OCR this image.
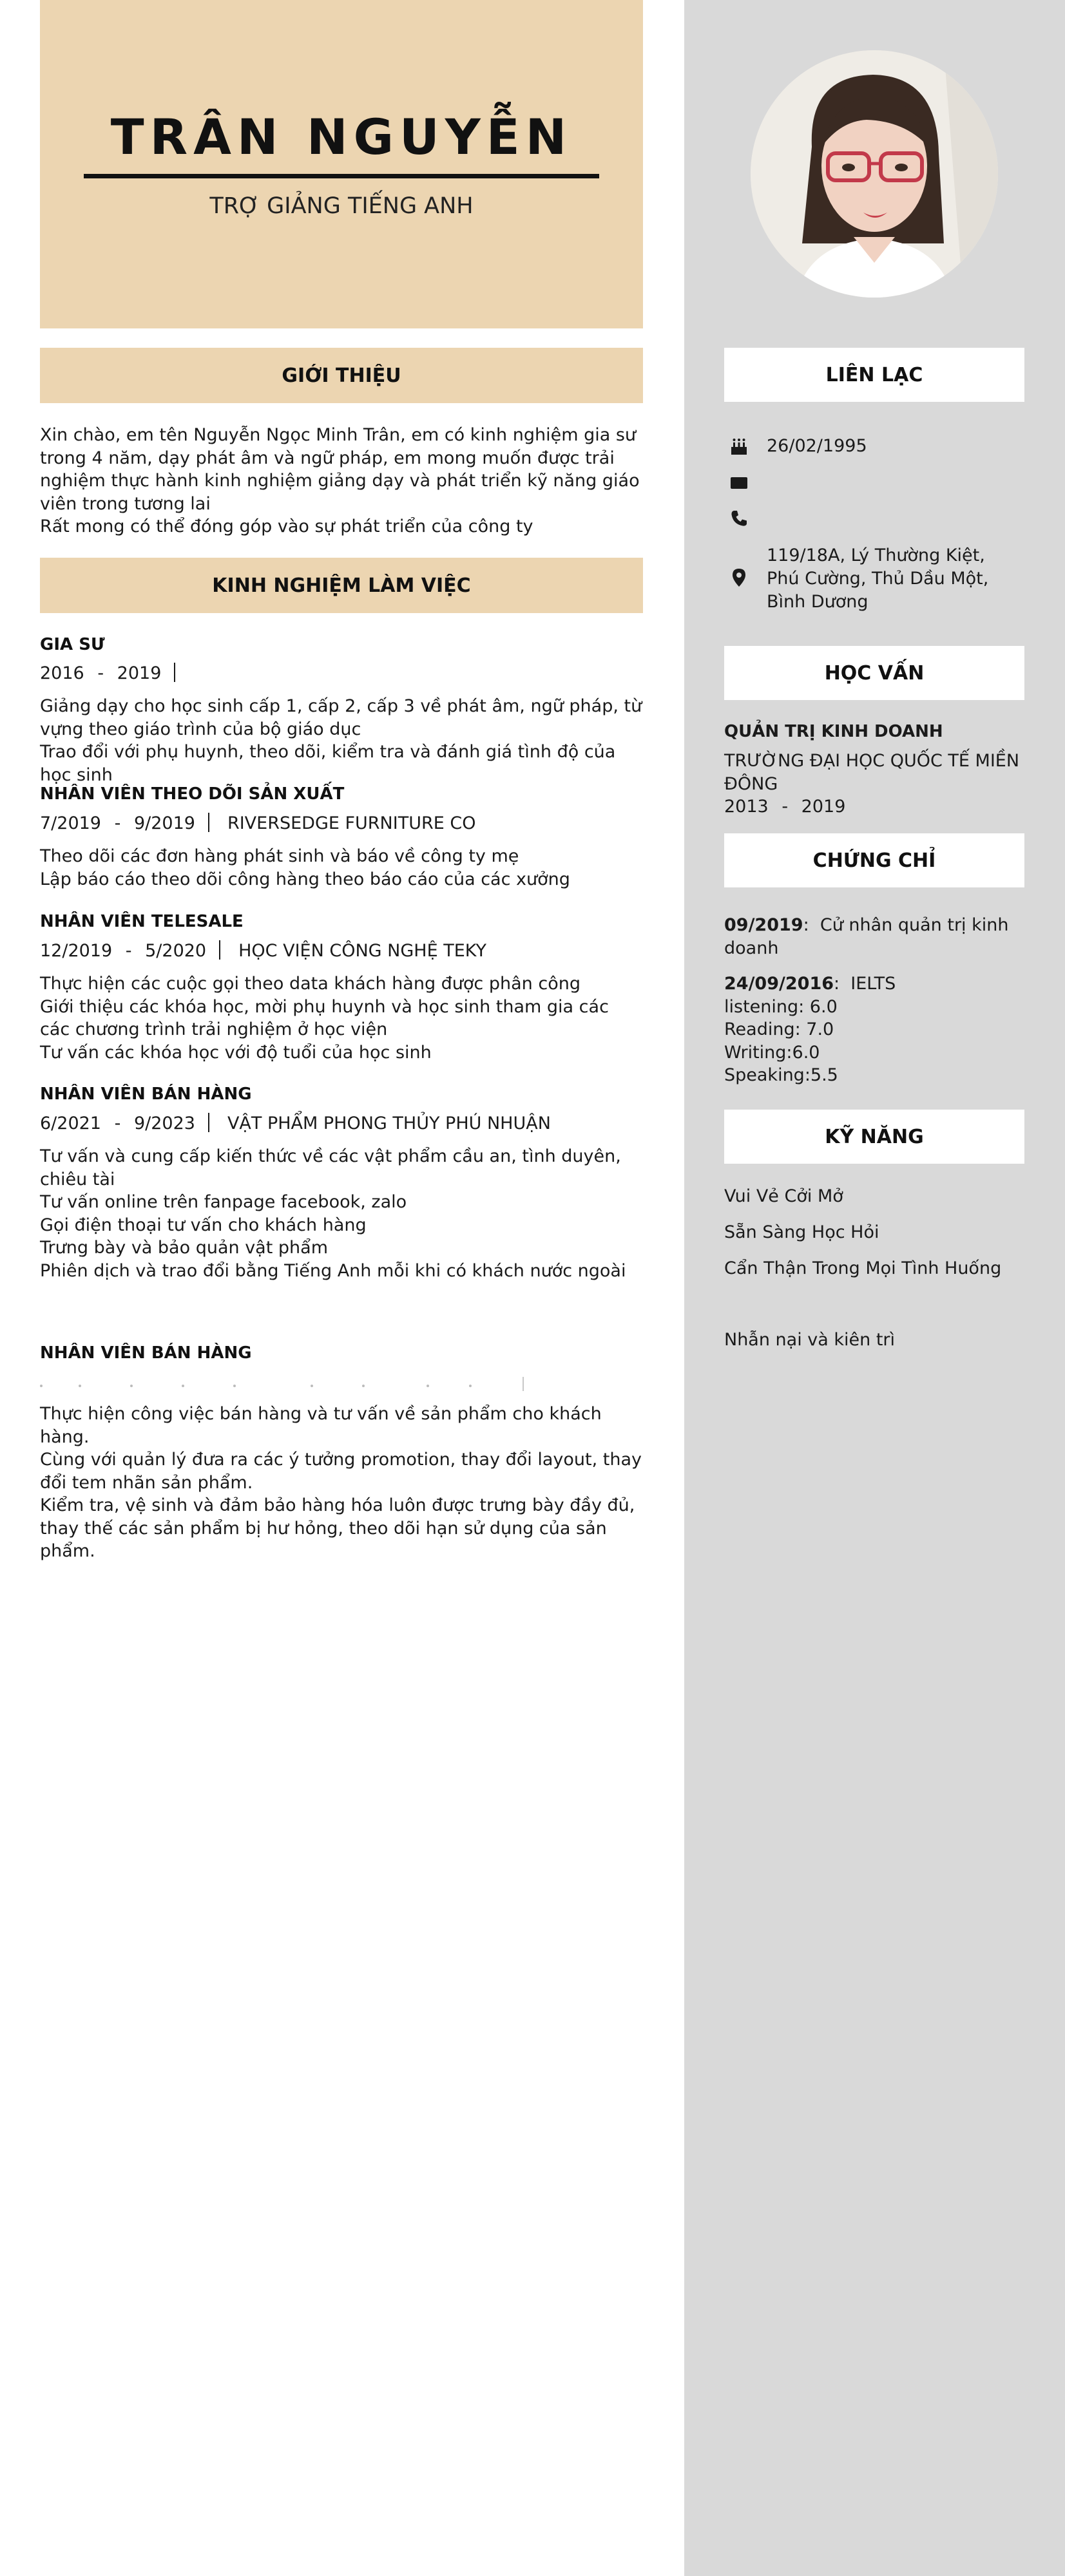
TRÂN NGUYỄN
TRỢ GIẢNG TIẾNG ANH
GIỚI THIỆU
Xin chào, em tên Nguyễn Ngọc Minh Trân, em có kinh nghiệm gia sư trong 4 năm, dạy phát âm và ngữ pháp, em mong muốn được trải nghiệm thực hành kinh nghiệm giảng dạy và phát triển kỹ năng giáo viên trong tương lai
Rất mong có thể đóng góp vào sự phát triển của công ty
KINH NGHIỆM LÀM VIỆC
GIA SƯ
2016 - 2019
Giảng dạy cho học sinh cấp 1, cấp 2, cấp 3 về phát âm, ngữ pháp, từ vựng theo giáo trình của bộ giáo dục
Trao đổi với phụ huynh, theo dõi, kiểm tra và đánh giá tình độ của học sinh
NHÂN VIÊN THEO DÕI SẢN XUẤT
7/2019 - 9/2019 RIVERSEDGE FURNITURE CO
Theo dõi các đơn hàng phát sinh và báo về công ty mẹ
Lập báo cáo theo dõi công hàng theo báo cáo của các xưởng
NHÂN VIÊN TELESALE
12/2019 - 5/2020 HỌC VIỆN CÔNG NGHỆ TEKY
Thực hiện các cuộc gọi theo data khách hàng được phân công
Giới thiệu các khóa học, mời phụ huynh và học sinh tham gia các các chương trình trải nghiệm ở học viện
Tư vấn các khóa học với độ tuổi của học sinh
NHÂN VIÊN BÁN HÀNG
6/2021 - 9/2023 VẬT PHẨM PHONG THỦY PHÚ NHUẬN
Tư vấn và cung cấp kiến thức về các vật phẩm cầu an, tình duyên, chiêu tài
Tư vấn online trên fanpage facebook, zalo
Gọi điện thoại tư vấn cho khách hàng
Trưng bày và bảo quản vật phẩm
Phiên dịch và trao đổi bằng Tiếng Anh mỗi khi có khách nước ngoài
NHÂN VIÊN BÁN HÀNG
Thực hiện công việc bán hàng và tư vấn về sản phẩm cho khách hàng.
Cùng với quản lý đưa ra các ý tưởng promotion, thay đổi layout, thay đổi tem nhãn sản phẩm.
Kiểm tra, vệ sinh và đảm bảo hàng hóa luôn được trưng bày đầy đủ, thay thế các sản phẩm bị hư hỏng, theo dõi hạn sử dụng của sản phẩm.
LIÊN LẠC
26/02/1995
119/18A, Lý Thường Kiệt, Phú Cường, Thủ Dầu Một, Bình Dương
HỌC VẤN
QUẢN TRỊ KINH DOANH
TRƯỜNG ĐẠI HỌC QUỐC TẾ MIỀN ĐÔNG
2013 - 2019
CHỨNG CHỈ
09/2019:  Cử nhân quản trị kinh doanh
24/09/2016:  IELTS
listening: 6.0
Reading: 7.0
Writing:6.0
Speaking:5.5
KỸ NĂNG
Vui Vẻ Cởi Mở
Sẵn Sàng Học Hỏi
Cẩn Thận Trong Mọi Tình Huống
Nhẫn nại và kiên trì
